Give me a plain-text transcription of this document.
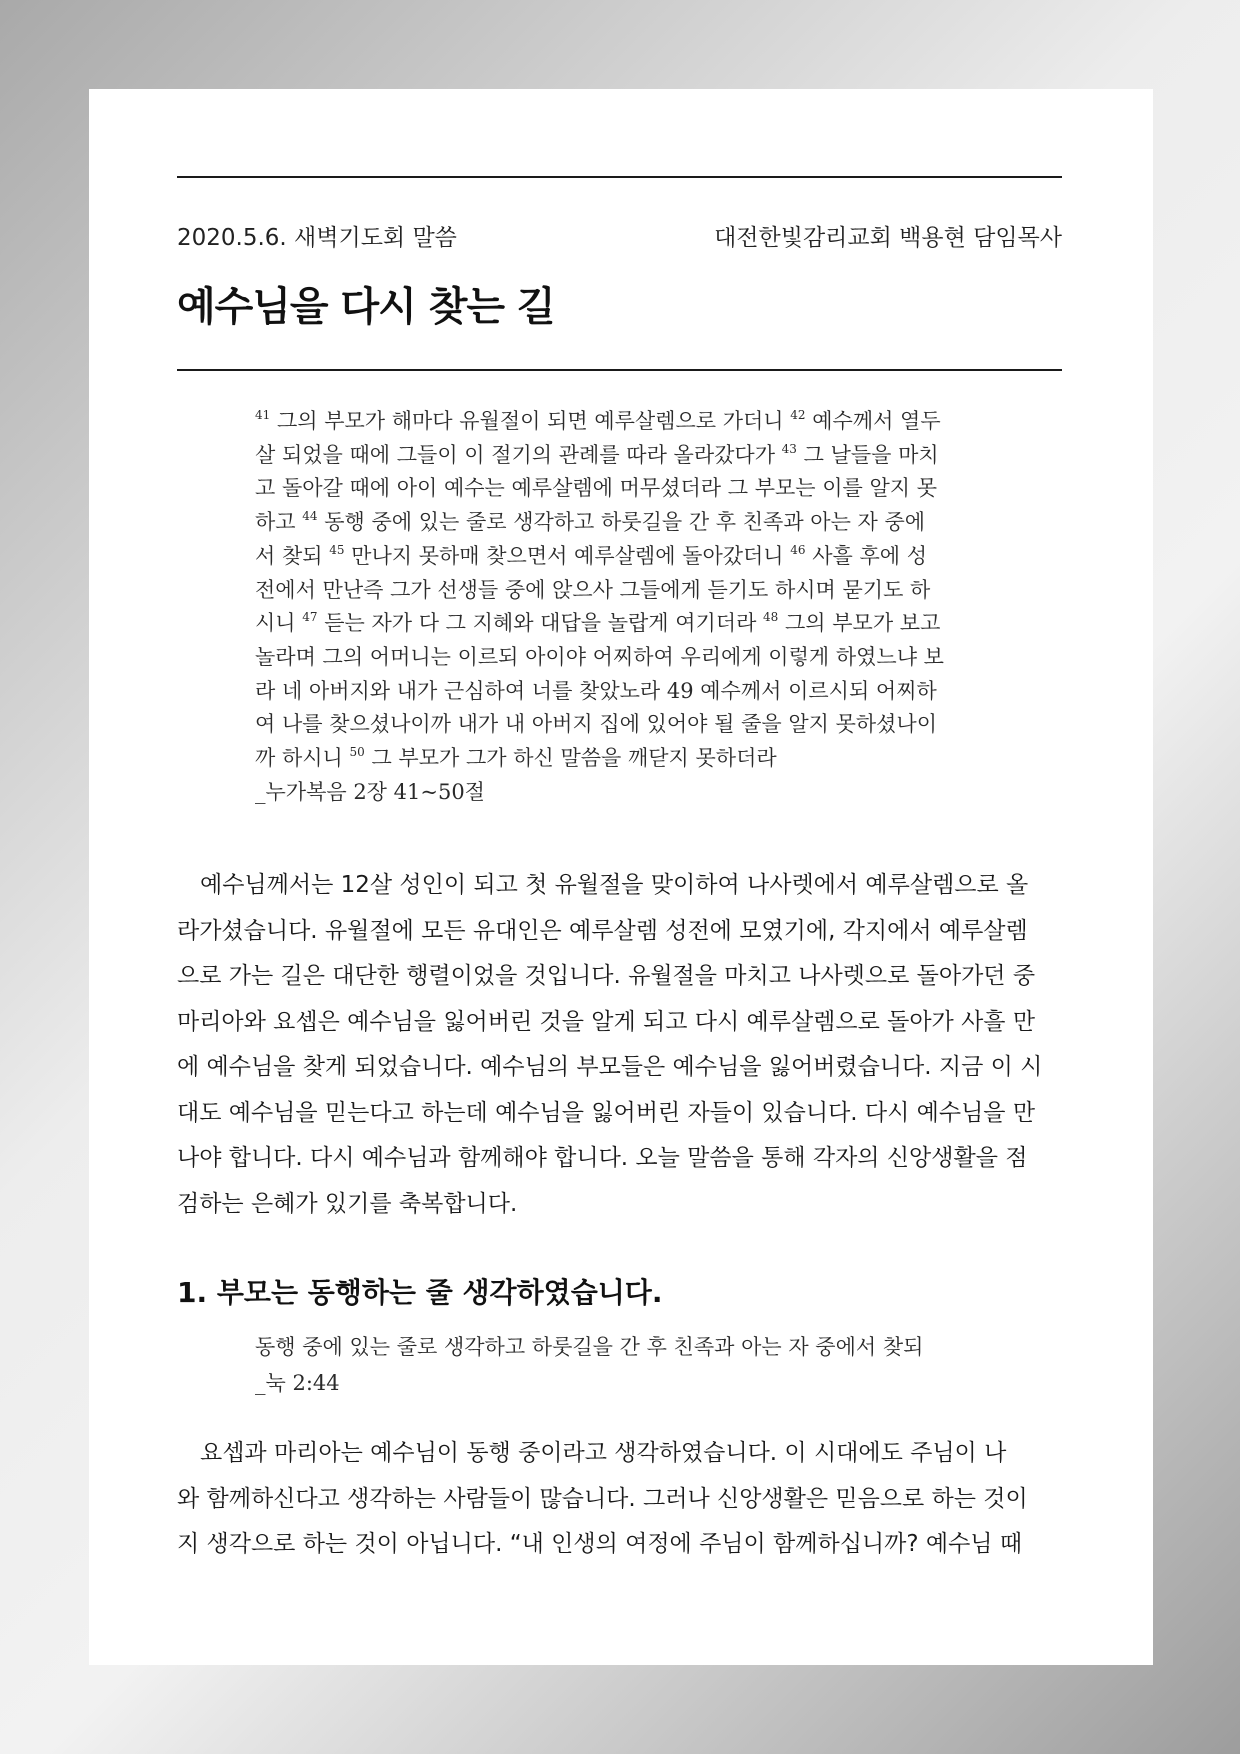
2020.5.6. 새벽기도회 말씀	대전한빛감리교회 백용현 담임목사
예수님을 다시 찾는 길

$^{41}$ 그의 부모가 해마다 유월절이 되면 예루살렘으로 가더니 $^{42}$ 예수께서 열두

살 되었을 때에 그들이 이 절기의 관례를 따라 올라갔다가 $^{43}$ 그 날들을 마치

고 돌아갈 때에 아이 예수는 예루살렘에 머무셨더라 그 부모는 이를 알지 못

하고 $^{44}$ 동행 중에 있는 줄로 생각하고 하룻길을 간 후 친족과 아는 자 중에

서 찾되 $^{45}$ 만나지 못하매 찾으면서 예루살렘에 돌아갔더니 $^{46}$ 사흘 후에 성

전에서 만난즉 그가 선생들 중에 앉으사 그들에게 듣기도 하시며 묻기도 하

시니 $^{47}$ 듣는 자가 다 그 지혜와 대답을 놀랍게 여기더라 $^{48}$ 그의 부모가 보고

놀라며 그의 어머니는 이르되 아이야 어찌하여 우리에게 이렇게 하였느냐 보

라 네 아버지와 내가 근심하여 너를 찾았노라 49 예수께서 이르시되 어찌하

여 나를 찾으셨나이까 내가 내 아버지 집에 있어야 될 줄을 알지 못하셨나이

까 하시니 $^{50}$ 그 부모가 그가 하신 말씀을 깨닫지 못하더라

_누가복음 2장 41~50절

　예수님께서는 12살 성인이 되고 첫 유월절을 맞이하여 나사렛에서 예루살렘으로 올

라가셨습니다. 유월절에 모든 유대인은 예루살렘 성전에 모였기에, 각지에서 예루살렘

으로 가는 길은 대단한 행렬이었을 것입니다. 유월절을 마치고 나사렛으로 돌아가던 중

마리아와 요셉은 예수님을 잃어버린 것을 알게 되고 다시 예루살렘으로 돌아가 사흘 만

에 예수님을 찾게 되었습니다. 예수님의 부모들은 예수님을 잃어버렸습니다. 지금 이 시

대도 예수님을 믿는다고 하는데 예수님을 잃어버린 자들이 있습니다. 다시 예수님을 만

나야 합니다. 다시 예수님과 함께해야 합니다. 오늘 말씀을 통해 각자의 신앙생활을 점

검하는 은혜가 있기를 축복합니다.

1. 부모는 동행하는 줄 생각하였습니다.

동행 중에 있는 줄로 생각하고 하룻길을 간 후 친족과 아는 자 중에서 찾되

_눅 2:44

　요셉과 마리아는 예수님이 동행 중이라고 생각하였습니다. 이 시대에도 주님이 나

와 함께하신다고 생각하는 사람들이 많습니다. 그러나 신앙생활은 믿음으로 하는 것이

지 생각으로 하는 것이 아닙니다. “내 인생의 여정에 주님이 함께하십니까? 예수님 때
